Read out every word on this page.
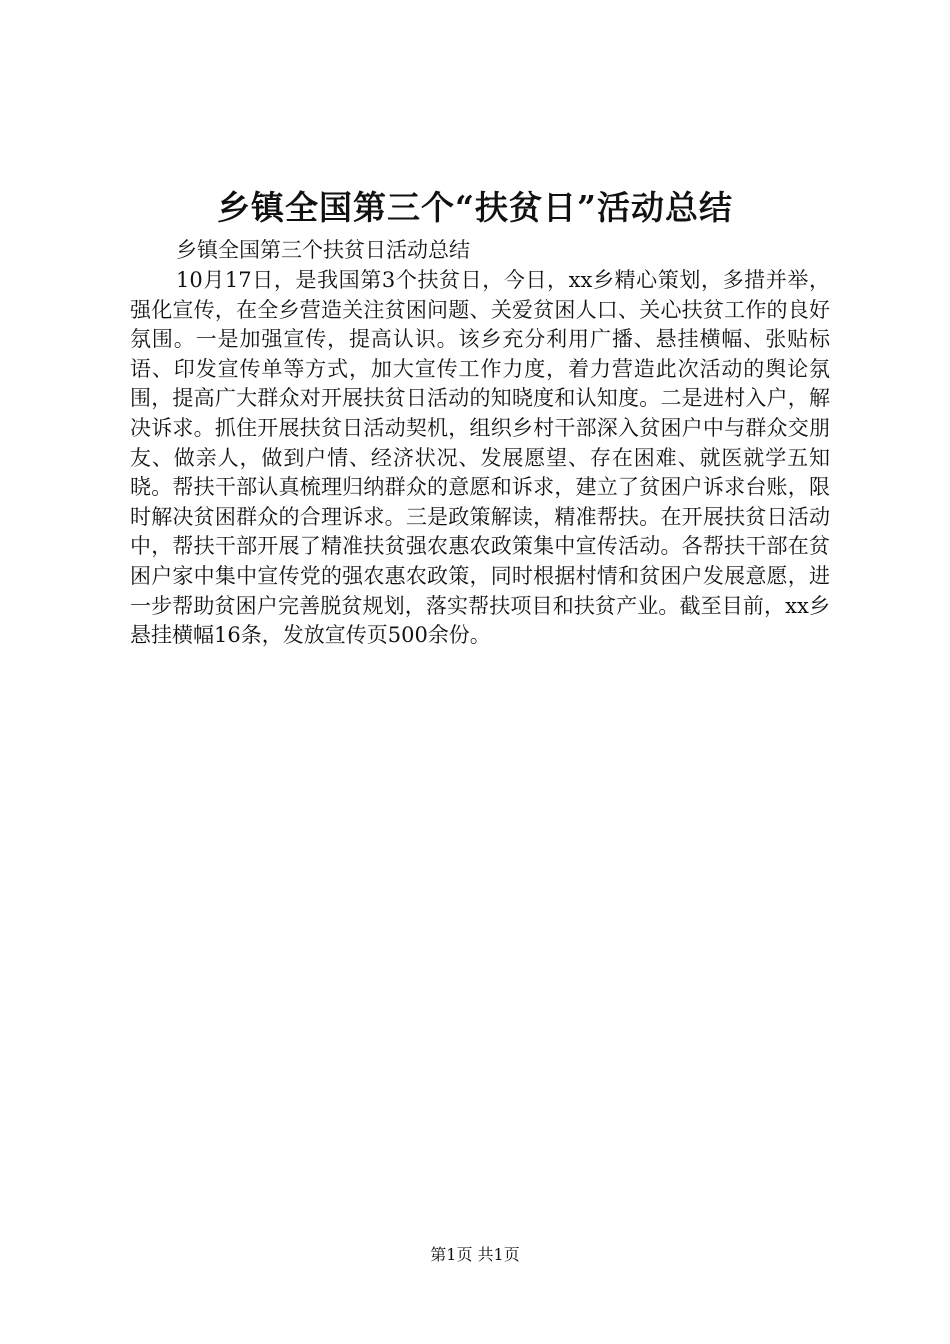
乡镇全国第三个“扶贫日”活动总结

乡镇全国第三个扶贫日活动总结

10月17日，是我国第3个扶贫日，今日，xx乡精心策划，多措并举，强化宣传，在全乡营造关注贫困问题、关爱贫困人口、关心扶贫工作的良好氛围。一是加强宣传，提高认识。该乡充分利用广播、悬挂横幅、张贴标语、印发宣传单等方式，加大宣传工作力度，着力营造此次活动的舆论氛围，提高广大群众对开展扶贫日活动的知晓度和认知度。二是进村入户，解决诉求。抓住开展扶贫日活动契机，组织乡村干部深入贫困户中与群众交朋友、做亲人，做到户情、经济状况、发展愿望、存在困难、就医就学五知晓。帮扶干部认真梳理归纳群众的意愿和诉求，建立了贫困户诉求台账，限时解决贫困群众的合理诉求。三是政策解读，精准帮扶。在开展扶贫日活动中，帮扶干部开展了精准扶贫强农惠农政策集中宣传活动。各帮扶干部在贫困户家中集中宣传党的强农惠农政策，同时根据村情和贫困户发展意愿，进一步帮助贫困户完善脱贫规划，落实帮扶项目和扶贫产业。截至目前，xx乡悬挂横幅16条，发放宣传页500余份。

第1页 共1页
